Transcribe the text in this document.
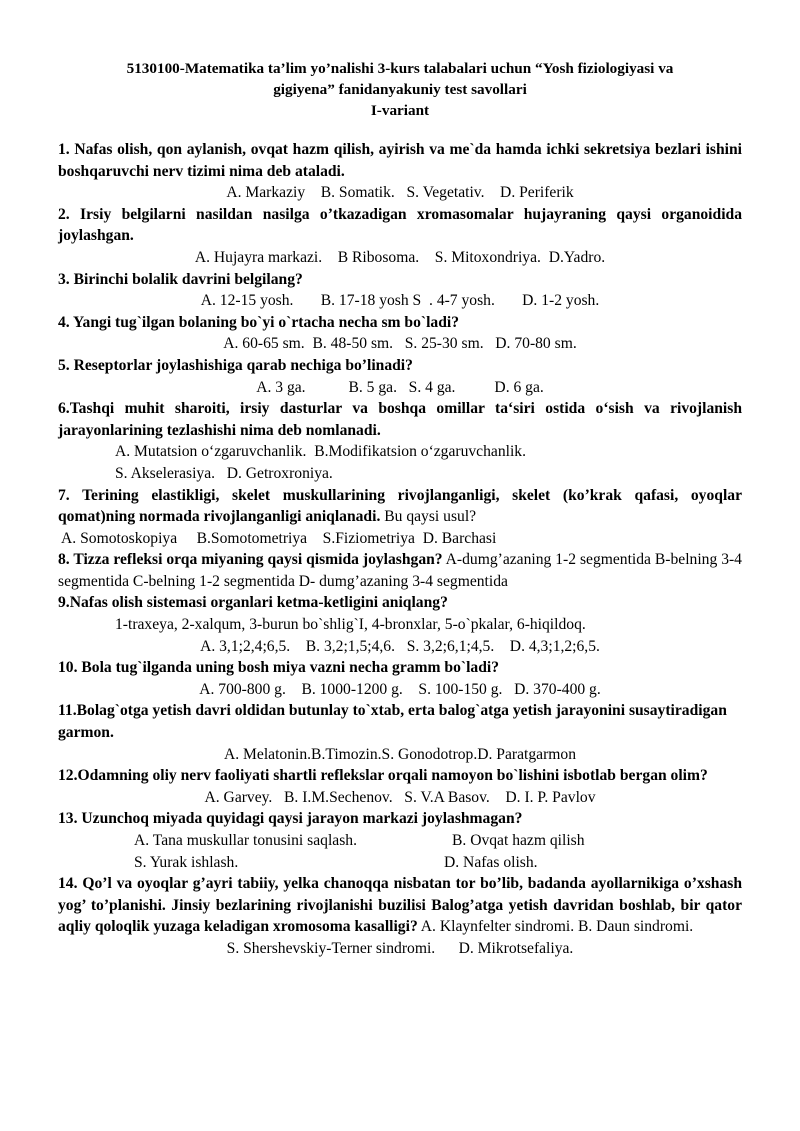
5130100-Matematika ta’lim yo’nalishi 3-kurs talabalari uchun “Yosh fiziologiyasi va
gigiyena” fanidanyakuniy test savollari
I-variant
1. Nafas olish, qon aylanish, ovqat hazm qilish, ayirish va me`da hamda ichki sekretsiya bezlari ishini boshqaruvchi nerv tizimi nima deb ataladi.
A. Markaziy    B. Somatik.   S. Vegetativ.    D. Periferik
2. Irsiy belgilarni nasildan nasilga o’tkazadigan xromasomalar hujayraning qaysi organoidida joylashgan.
A. Hujayra markazi.    B Ribosoma.    S. Mitoxondriya.  D.Yadro.
3. Birinchi bolalik davrini belgilang?
A. 12-15 yosh.       B. 17-18 yosh S  . 4-7 yosh.       D. 1-2 yosh.
4. Yangi tug`ilgan bolaning bo`yi o`rtacha necha sm bo`ladi?
A. 60-65 sm.  B. 48-50 sm.   S. 25-30 sm.   D. 70-80 sm.
5. Reseptorlar joylashishiga qarab nechiga bo’linadi?
A. 3 ga.           B. 5 ga.   S. 4 ga.          D. 6 ga.
6.Tashqi muhit sharoiti, irsiy dasturlar va boshqa omillar ta‘siri ostida o‘sish va rivojlanish jarayonlarining tezlashishi nima deb nomlanadi.
A. Mutatsion o‘zgaruvchanlik.  B.Modifikatsion o‘zgaruvchanlik.
S. Akselerasiya.   D. Getroxroniya.
7. Terining elastikligi, skelet muskullarining rivojlanganligi, skelet (ko’krak qafasi, oyoqlar qomat)ning normada rivojlanganligi aniqlanadi. Bu qaysi usul?
A. Somotoskopiya     B.Somotometriya    S.Fiziometriya  D. Barchasi
8. Tizza refleksi orqa miyaning qaysi qismida joylashgan? A-dumg’azaning 1-2 segmentida B-belning 3-4 segmentida C-belning 1-2 segmentida D- dumg’azaning 3-4 segmentida
9.Nafas olish sistemasi organlari ketma-ketligini aniqlang?
1-traxeya, 2-xalqum, 3-burun bo`shlig`I, 4-bronxlar, 5-o`pkalar, 6-hiqildoq.
A. 3,1;2,4;6,5.    B. 3,2;1,5;4,6.   S. 3,2;6,1;4,5.    D. 4,3;1,2;6,5.
10. Bola tug`ilganda uning bosh miya vazni necha gramm bo`ladi?
A. 700-800 g.    B. 1000-1200 g.    S. 100-150 g.   D. 370-400 g.
11.Bolag`otga yetish davri oldidan butunlay to`xtab, erta balog`atga yetish jarayonini susaytiradigan garmon.
A. Melatonin.B.Timozin.S. Gonodotrop.D. Paratgarmon
12.Odamning oliy nerv faoliyati shartli reflekslar orqali namoyon bo`lishini isbotlab bergan olim?
A. Garvey.   B. I.M.Sechenov.   S. V.A Basov.    D. I. P. Pavlov
13. Uzunchoq miyada quyidagi qaysi jarayon markazi joylashmagan?
A. Tana muskullar tonusini saqlash.	B. Ovqat hazm qilish
S. Yurak ishlash.	D. Nafas olish.
14. Qo’l va oyoqlar g’ayri tabiiy, yelka chanoqqa nisbatan tor bo’lib, badanda ayollarnikiga o’xshash yog’ to’planishi. Jinsiy bezlarining rivojlanishi buzilisi Balog’atga yetish davridan boshlab, bir qator aqliy qoloqlik yuzaga keladigan xromosoma kasalligi? A. Klaynfelter sindromi. B. Daun sindromi.
S. Shershevskiy-Terner sindromi.      D. Mikrotsefaliya.
